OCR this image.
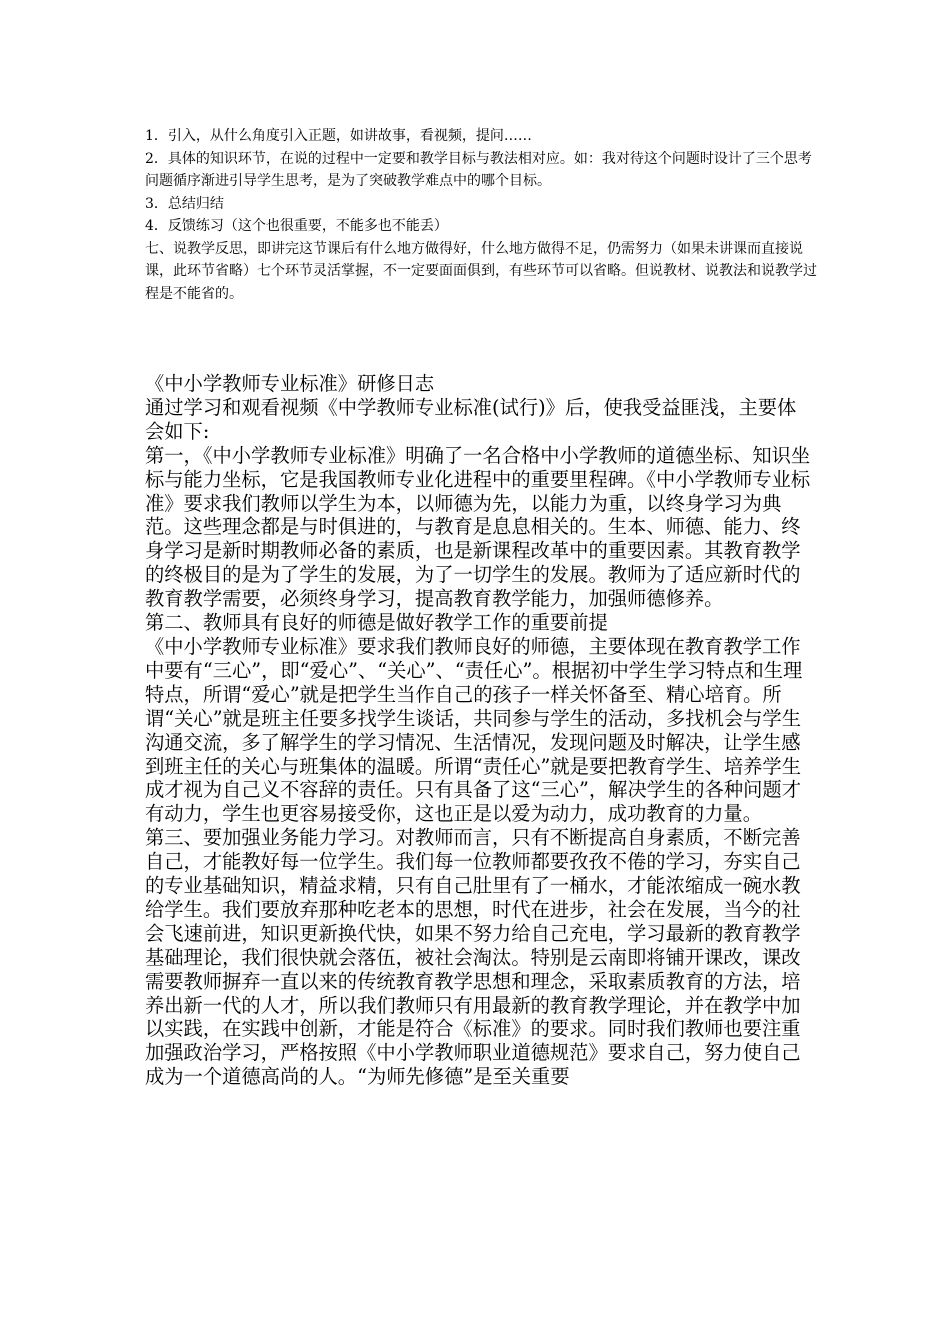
1．引入，从什么角度引入正题，如讲故事，看视频，提问……

2．具体的知识环节，在说的过程中一定要和教学目标与教法相对应。如：我对待这个问题时设计了三个思考问题循序渐进引导学生思考，是为了突破教学难点中的哪个目标。

3．总结归结

4．反馈练习（这个也很重要，不能多也不能丢）

七、说教学反思，即讲完这节课后有什么地方做得好，什么地方做得不足，仍需努力（如果未讲课而直接说课，此环节省略）七个环节灵活掌握，不一定要面面俱到，有些环节可以省略。但说教材、说教法和说教学过程是不能省的。

《中小学教师专业标准》研修日志

通过学习和观看视频《中学教师专业标准(试行)》后，使我受益匪浅，主要体会如下:

第一，《中小学教师专业标准》明确了一名合格中小学教师的道德坐标、知识坐标与能力坐标，它是我国教师专业化进程中的重要里程碑。《中小学教师专业标准》要求我们教师以学生为本，以师德为先，以能力为重，以终身学习为典范。这些理念都是与时俱进的，与教育是息息相关的。生本、师德、能力、终身学习是新时期教师必备的素质，也是新课程改革中的重要因素。其教育教学的终极目的是为了学生的发展，为了一切学生的发展。教师为了适应新时代的教育教学需要，必须终身学习，提高教育教学能力，加强师德修养。

第二、教师具有良好的师德是做好教学工作的重要前提

《中小学教师专业标准》要求我们教师良好的师德，主要体现在教育教学工作中要有“三心”，即“爱心”、“关心”、“责任心”。根据初中学生学习特点和生理特点，所谓“爱心”就是把学生当作自己的孩子一样关怀备至、精心培育。所谓“关心”就是班主任要多找学生谈话，共同参与学生的活动，多找机会与学生沟通交流，多了解学生的学习情况、生活情况，发现问题及时解决，让学生感到班主任的关心与班集体的温暖。所谓“责任心”就是要把教育学生、培养学生成才视为自己义不容辞的责任。只有具备了这“三心”，解决学生的各种问题才有动力，学生也更容易接受你，这也正是以爱为动力，成功教育的力量。

第三、要加强业务能力学习。对教师而言，只有不断提高自身素质，不断完善自己，才能教好每一位学生。我们每一位教师都要孜孜不倦的学习，夯实自己的专业基础知识，精益求精，只有自己肚里有了一桶水，才能浓缩成一碗水教给学生。我们要放弃那种吃老本的思想，时代在进步，社会在发展，当今的社会飞速前进，知识更新换代快，如果不努力给自己充电，学习最新的教育教学基础理论，我们很快就会落伍，被社会淘汰。特别是云南即将铺开课改，课改需要教师摒弃一直以来的传统教育教学思想和理念，采取素质教育的方法，培养出新一代的人才，所以我们教师只有用最新的教育教学理论，并在教学中加以实践，在实践中创新，才能是符合《标准》的要求。同时我们教师也要注重加强政治学习，严格按照《中小学教师职业道德规范》要求自己，努力使自己成为一个道德高尚的人。“为师先修德”是至关重要
